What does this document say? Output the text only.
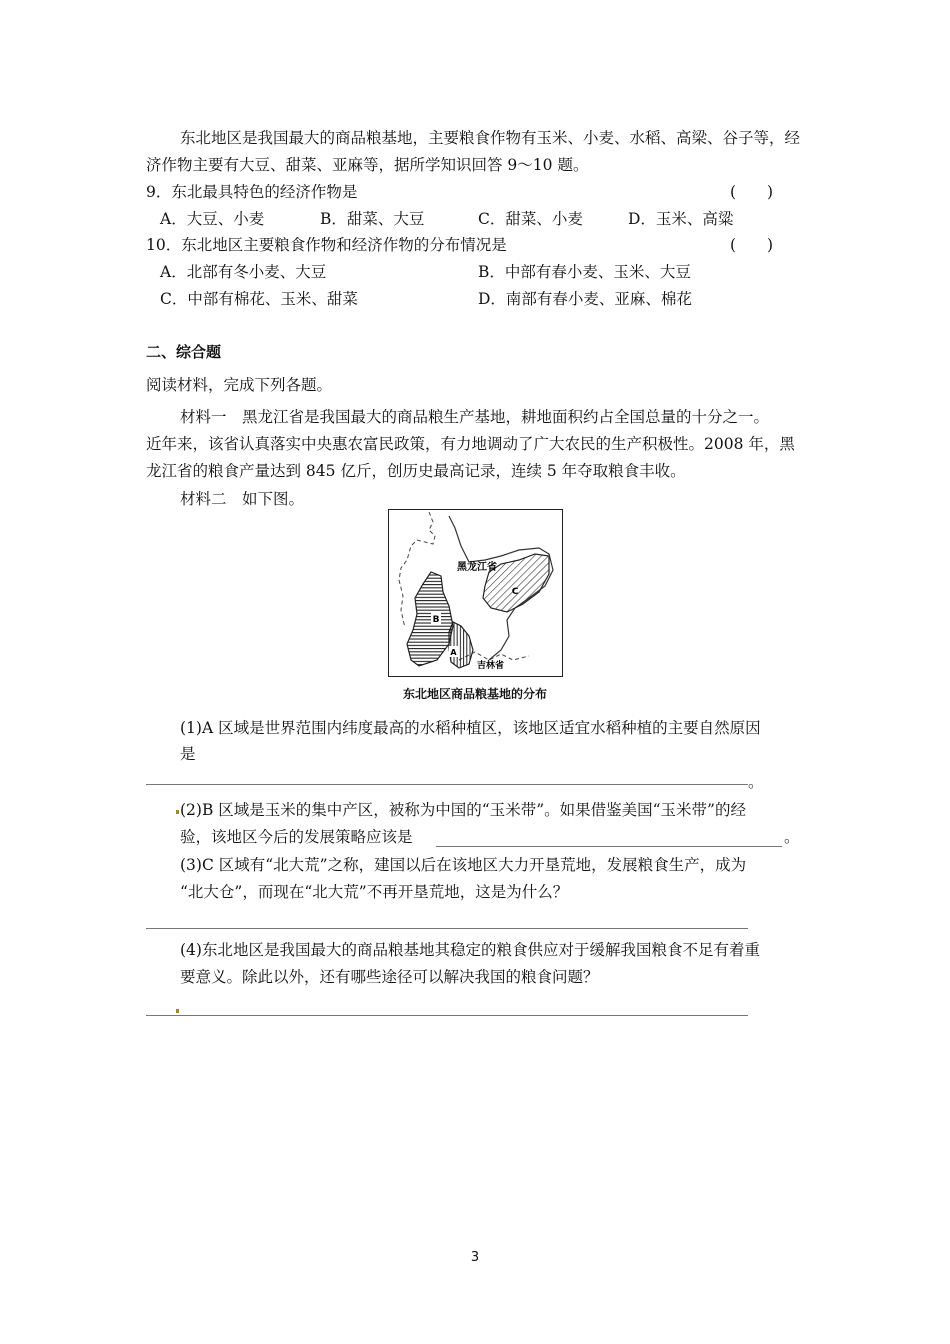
东北地区是我国最大的商品粮基地，主要粮食作物有玉米、小麦、水稻、高梁、谷子等，经
济作物主要有大豆、甜菜、亚麻等，据所学知识回答 9～10 题。
9．东北最具特色的经济作物是	(　　)
A．大豆、小麦	B．甜菜、大豆	C．甜菜、小麦	D．玉米、高粱
10．东北地区主要粮食作物和经济作物的分布情况是	(　　)
A．北部有冬小麦、大豆	B．中部有春小麦、玉米、大豆
C．中部有棉花、玉米、甜菜	D．南部有春小麦、亚麻、棉花
二、综合题
阅读材料，完成下列各题。
材料一　黑龙江省是我国最大的商品粮生产基地，耕地面积约占全国总量的十分之一。
近年来，该省认真落实中央惠农富民政策，有力地调动了广大农民的生产积极性。2008 年，黑
龙江省的粮食产量达到 845 亿斤，创历史最高记录，连续 5 年夺取粮食丰收。
材料二　如下图。
B
A
C
黑龙江省
吉林省
东北地区商品粮基地的分布
(1)A 区域是世界范围内纬度最高的水稻种植区，该地区适宜水稻种植的主要自然原因
是
。
(2)B 区域是玉米的集中产区，被称为中国的“玉米带”。如果借鉴美国“玉米带”的经
验，该地区今后的发展策略应该是	。
(3)C 区域有“北大荒”之称，建国以后在该地区大力开垦荒地，发展粮食生产，成为
“北大仓”，而现在“北大荒”不再开垦荒地，这是为什么？
(4)东北地区是我国最大的商品粮基地其稳定的粮食供应对于缓解我国粮食不足有着重
要意义。除此以外，还有哪些途径可以解决我国的粮食问题？
3
